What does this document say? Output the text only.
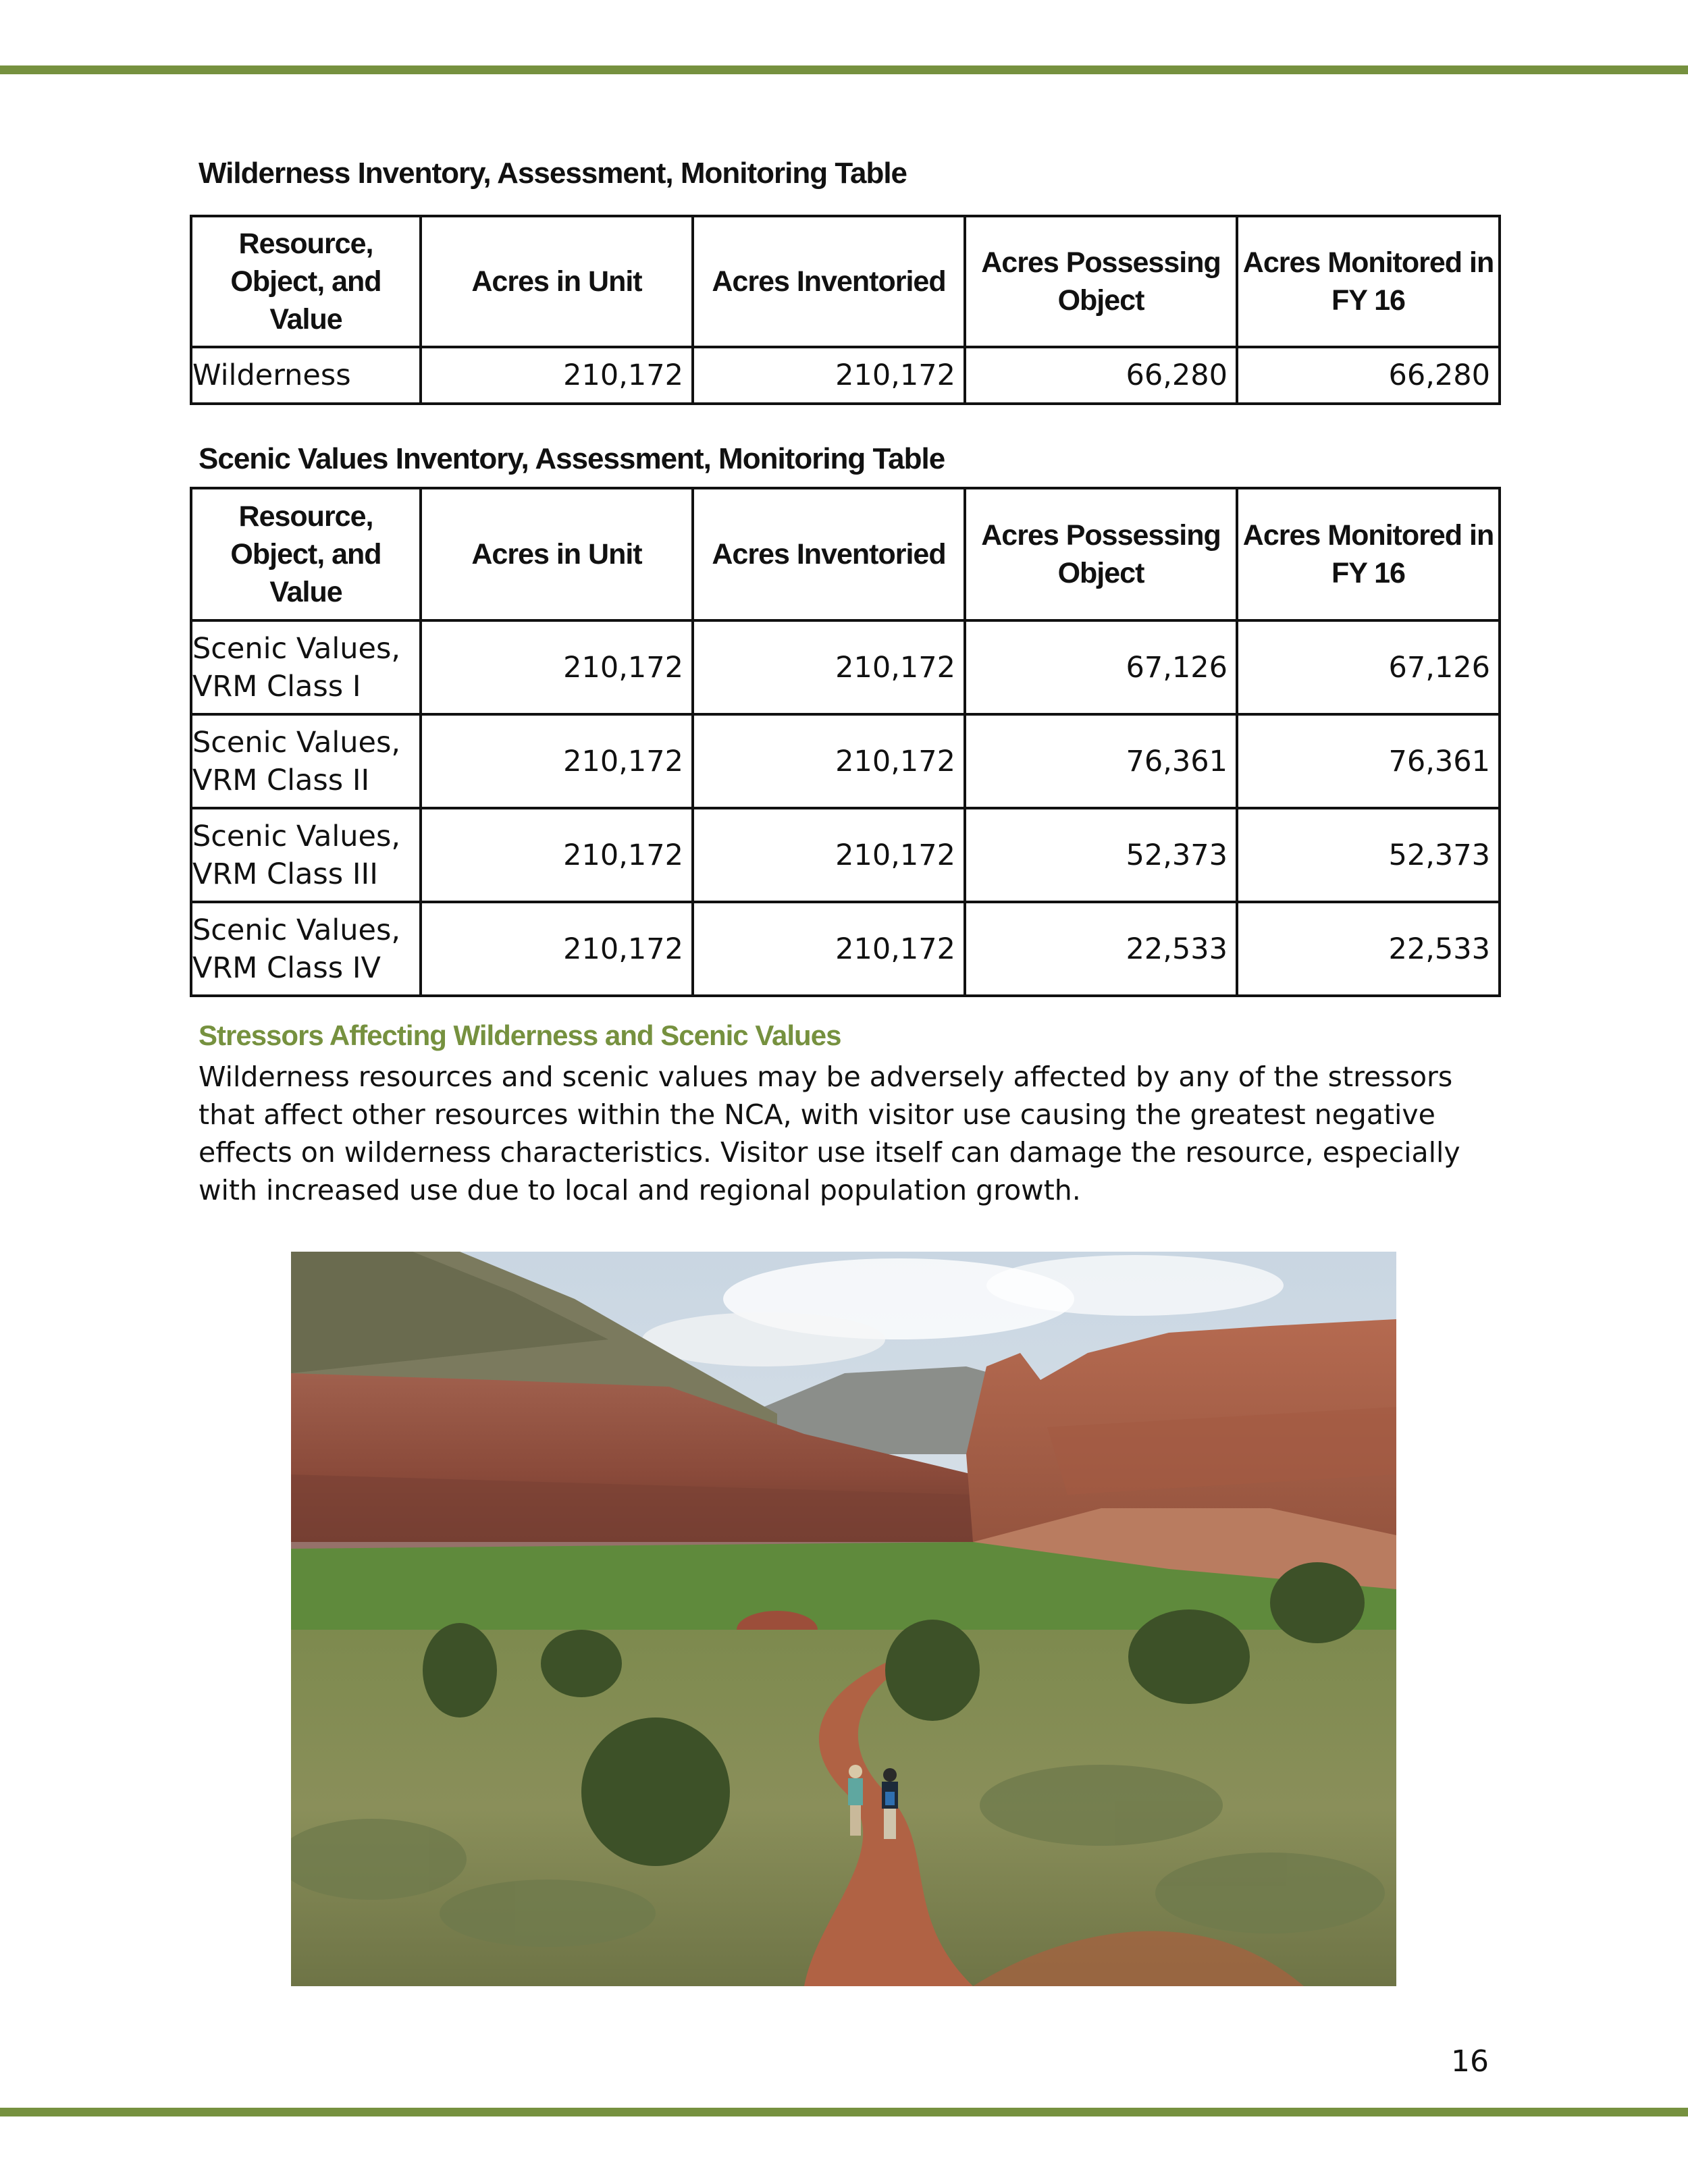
Wilderness Inventory, Assessment, Monitoring Table
Resource, Object, and Value	Acres in Unit	Acres Inventoried	Acres Possessing Object	Acres Monitored in FY 16
Wilderness	210,172	210,172	66,280	66,280
Scenic Values Inventory, Assessment, Monitoring Table
Resource, Object, and Value	Acres in Unit	Acres Inventoried	Acres Possessing Object	Acres Monitored in FY 16
Scenic Values, VRM Class I	210,172	210,172	67,126	67,126
Scenic Values, VRM Class II	210,172	210,172	76,361	76,361
Scenic Values, VRM Class III	210,172	210,172	52,373	52,373
Scenic Values, VRM Class IV	210,172	210,172	22,533	22,533
Stressors Affecting Wilderness and Scenic Values

Wilderness resources and scenic values may be adversely affected by any of the stressors that affect other resources within the NCA, with visitor use causing the greatest negative effects on wilderness characteristics. Visitor use itself can damage the resource, especially with increased use due to local and regional population growth.

16
